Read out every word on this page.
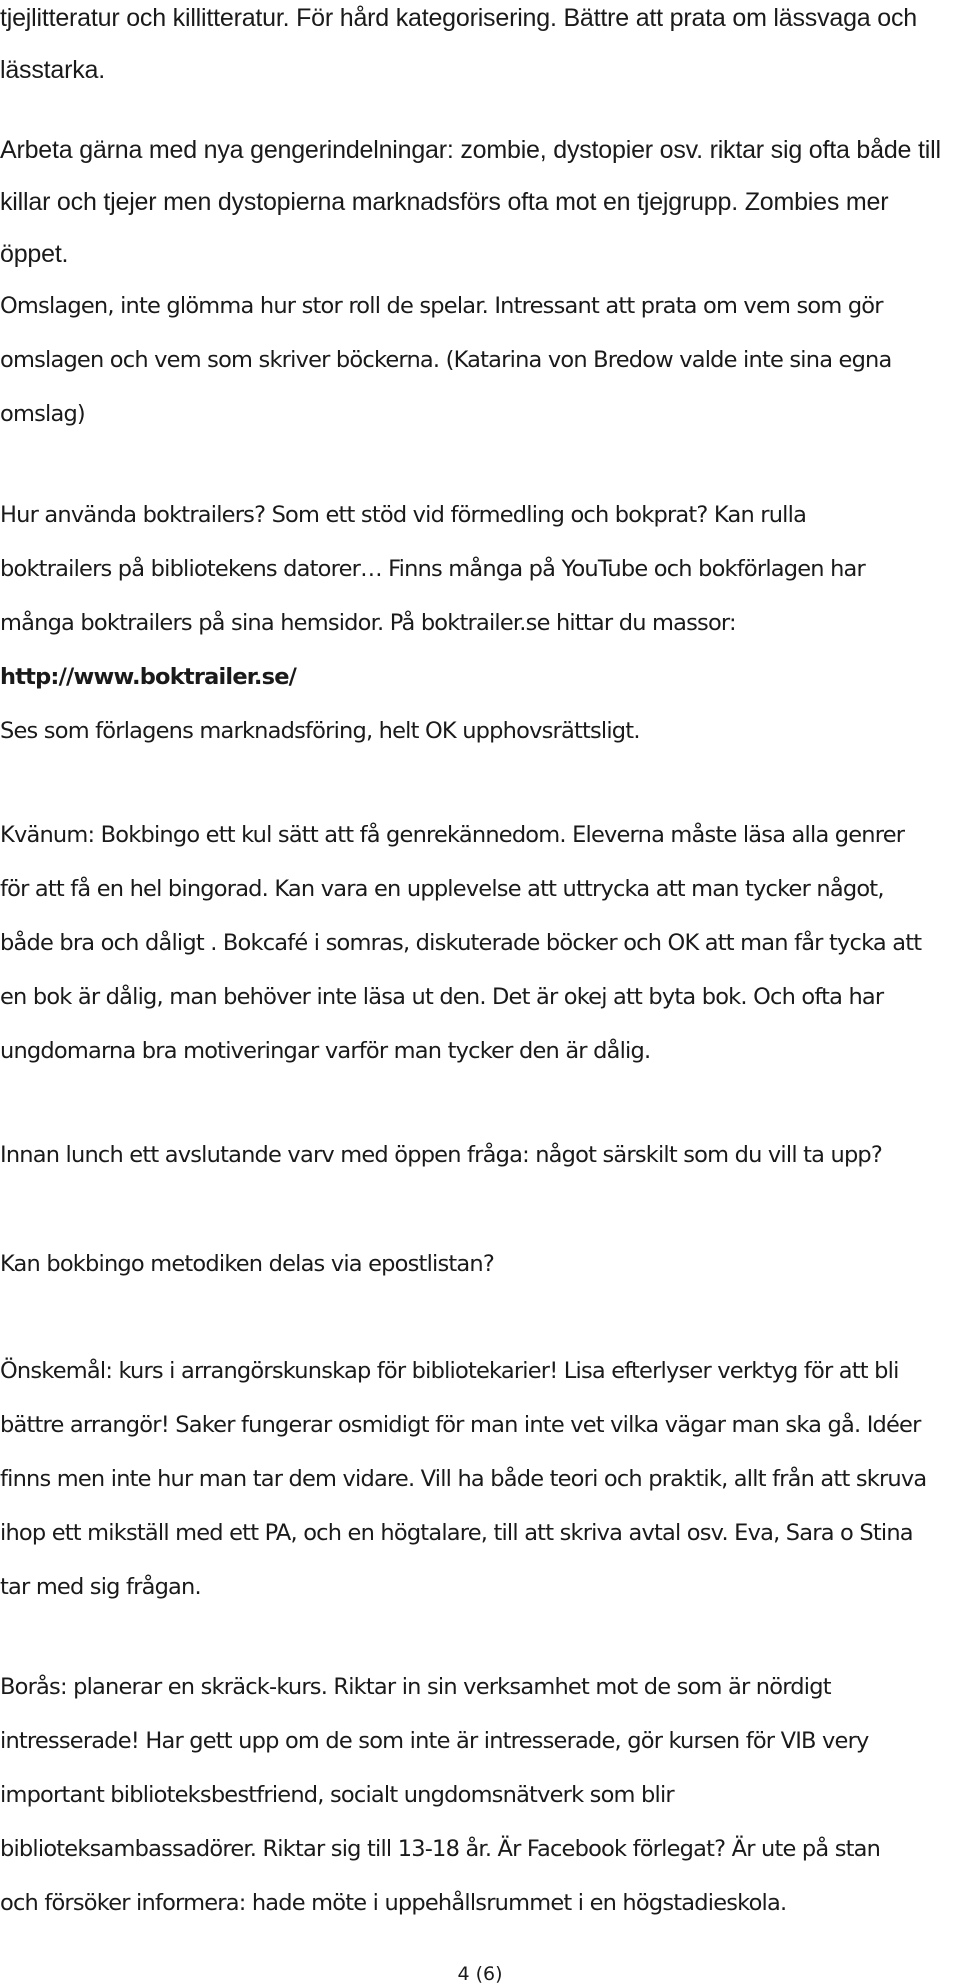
tjejlitteratur och killitteratur. För hård kategorisering. Bättre att prata om lässvaga och
lässtarka.
Arbeta gärna med nya gengerindelningar: zombie, dystopier osv. riktar sig ofta både till
killar och tjejer men dystopierna marknadsförs ofta mot en tjejgrupp. Zombies mer
öppet.
Omslagen, inte glömma hur stor roll de spelar. Intressant att prata om vem som gör
omslagen och vem som skriver böckerna. (Katarina von Bredow valde inte sina egna
omslag)
Hur använda boktrailers? Som ett stöd vid förmedling och bokprat? Kan rulla
boktrailers på bibliotekens datorer… Finns många på YouTube och bokförlagen har
många boktrailers på sina hemsidor. På boktrailer.se hittar du massor:
http://www.boktrailer.se/
Ses som förlagens marknadsföring, helt OK upphovsrättsligt.
Kvänum: Bokbingo ett kul sätt att få genrekännedom. Eleverna måste läsa alla genrer
för att få en hel bingorad. Kan vara en upplevelse att uttrycka att man tycker något,
både bra och dåligt . Bokcafé i somras, diskuterade böcker och OK att man får tycka att
en bok är dålig, man behöver inte läsa ut den. Det är okej att byta bok. Och ofta har
ungdomarna bra motiveringar varför man tycker den är dålig.
Innan lunch ett avslutande varv med öppen fråga: något särskilt som du vill ta upp?
Kan bokbingo metodiken delas via epostlistan?
Önskemål: kurs i arrangörskunskap för bibliotekarier! Lisa efterlyser verktyg för att bli
bättre arrangör! Saker fungerar osmidigt för man inte vet vilka vägar man ska gå. Idéer
finns men inte hur man tar dem vidare. Vill ha både teori och praktik, allt från att skruva
ihop ett mikställ med ett PA, och en högtalare, till att skriva avtal osv. Eva, Sara o Stina
tar med sig frågan.
Borås: planerar en skräck-kurs. Riktar in sin verksamhet mot de som är nördigt
intresserade! Har gett upp om de som inte är intresserade, gör kursen för VIB very
important biblioteksbestfriend, socialt ungdomsnätverk som blir
biblioteksambassadörer. Riktar sig till 13-18 år. Är Facebook förlegat? Är ute på stan
och försöker informera: hade möte i uppehållsrummet i en högstadieskola.
4 (6)
